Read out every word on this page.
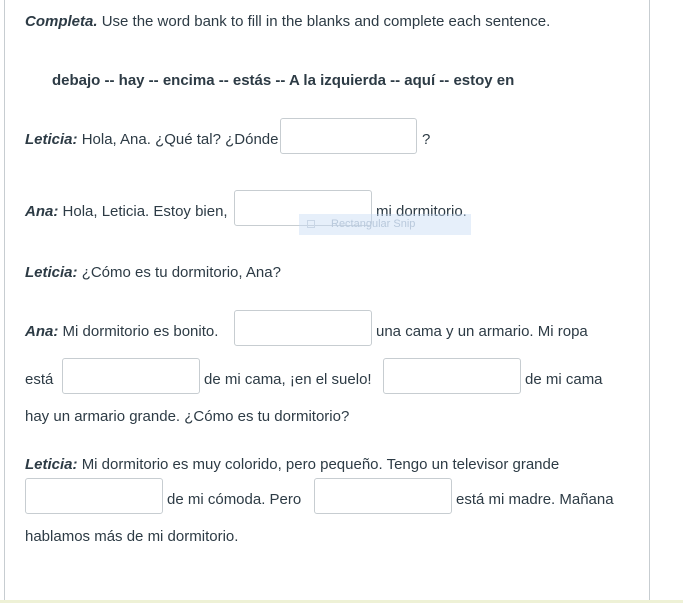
Completa. Use the word bank to fill in the blanks and complete each sentence.
debajo -- hay -- encima -- estás -- A la izquierda -- aquí -- estoy en
Leticia: Hola, Ana. ¿Qué tal? ¿Dónde	?
Ana: Hola, Leticia. Estoy bien,	mi dormitorio.
Rectangular Snip
Leticia: ¿Cómo es tu dormitorio, Ana?
Ana: Mi dormitorio es bonito.	una cama y un armario. Mi ropa
está	de mi cama, ¡en el suelo!	de mi cama
hay un armario grande. ¿Cómo es tu dormitorio?
Leticia: Mi dormitorio es muy colorido, pero pequeño. Tengo un televisor grande
de mi cómoda. Pero	está mi madre. Mañana
hablamos más de mi dormitorio.
